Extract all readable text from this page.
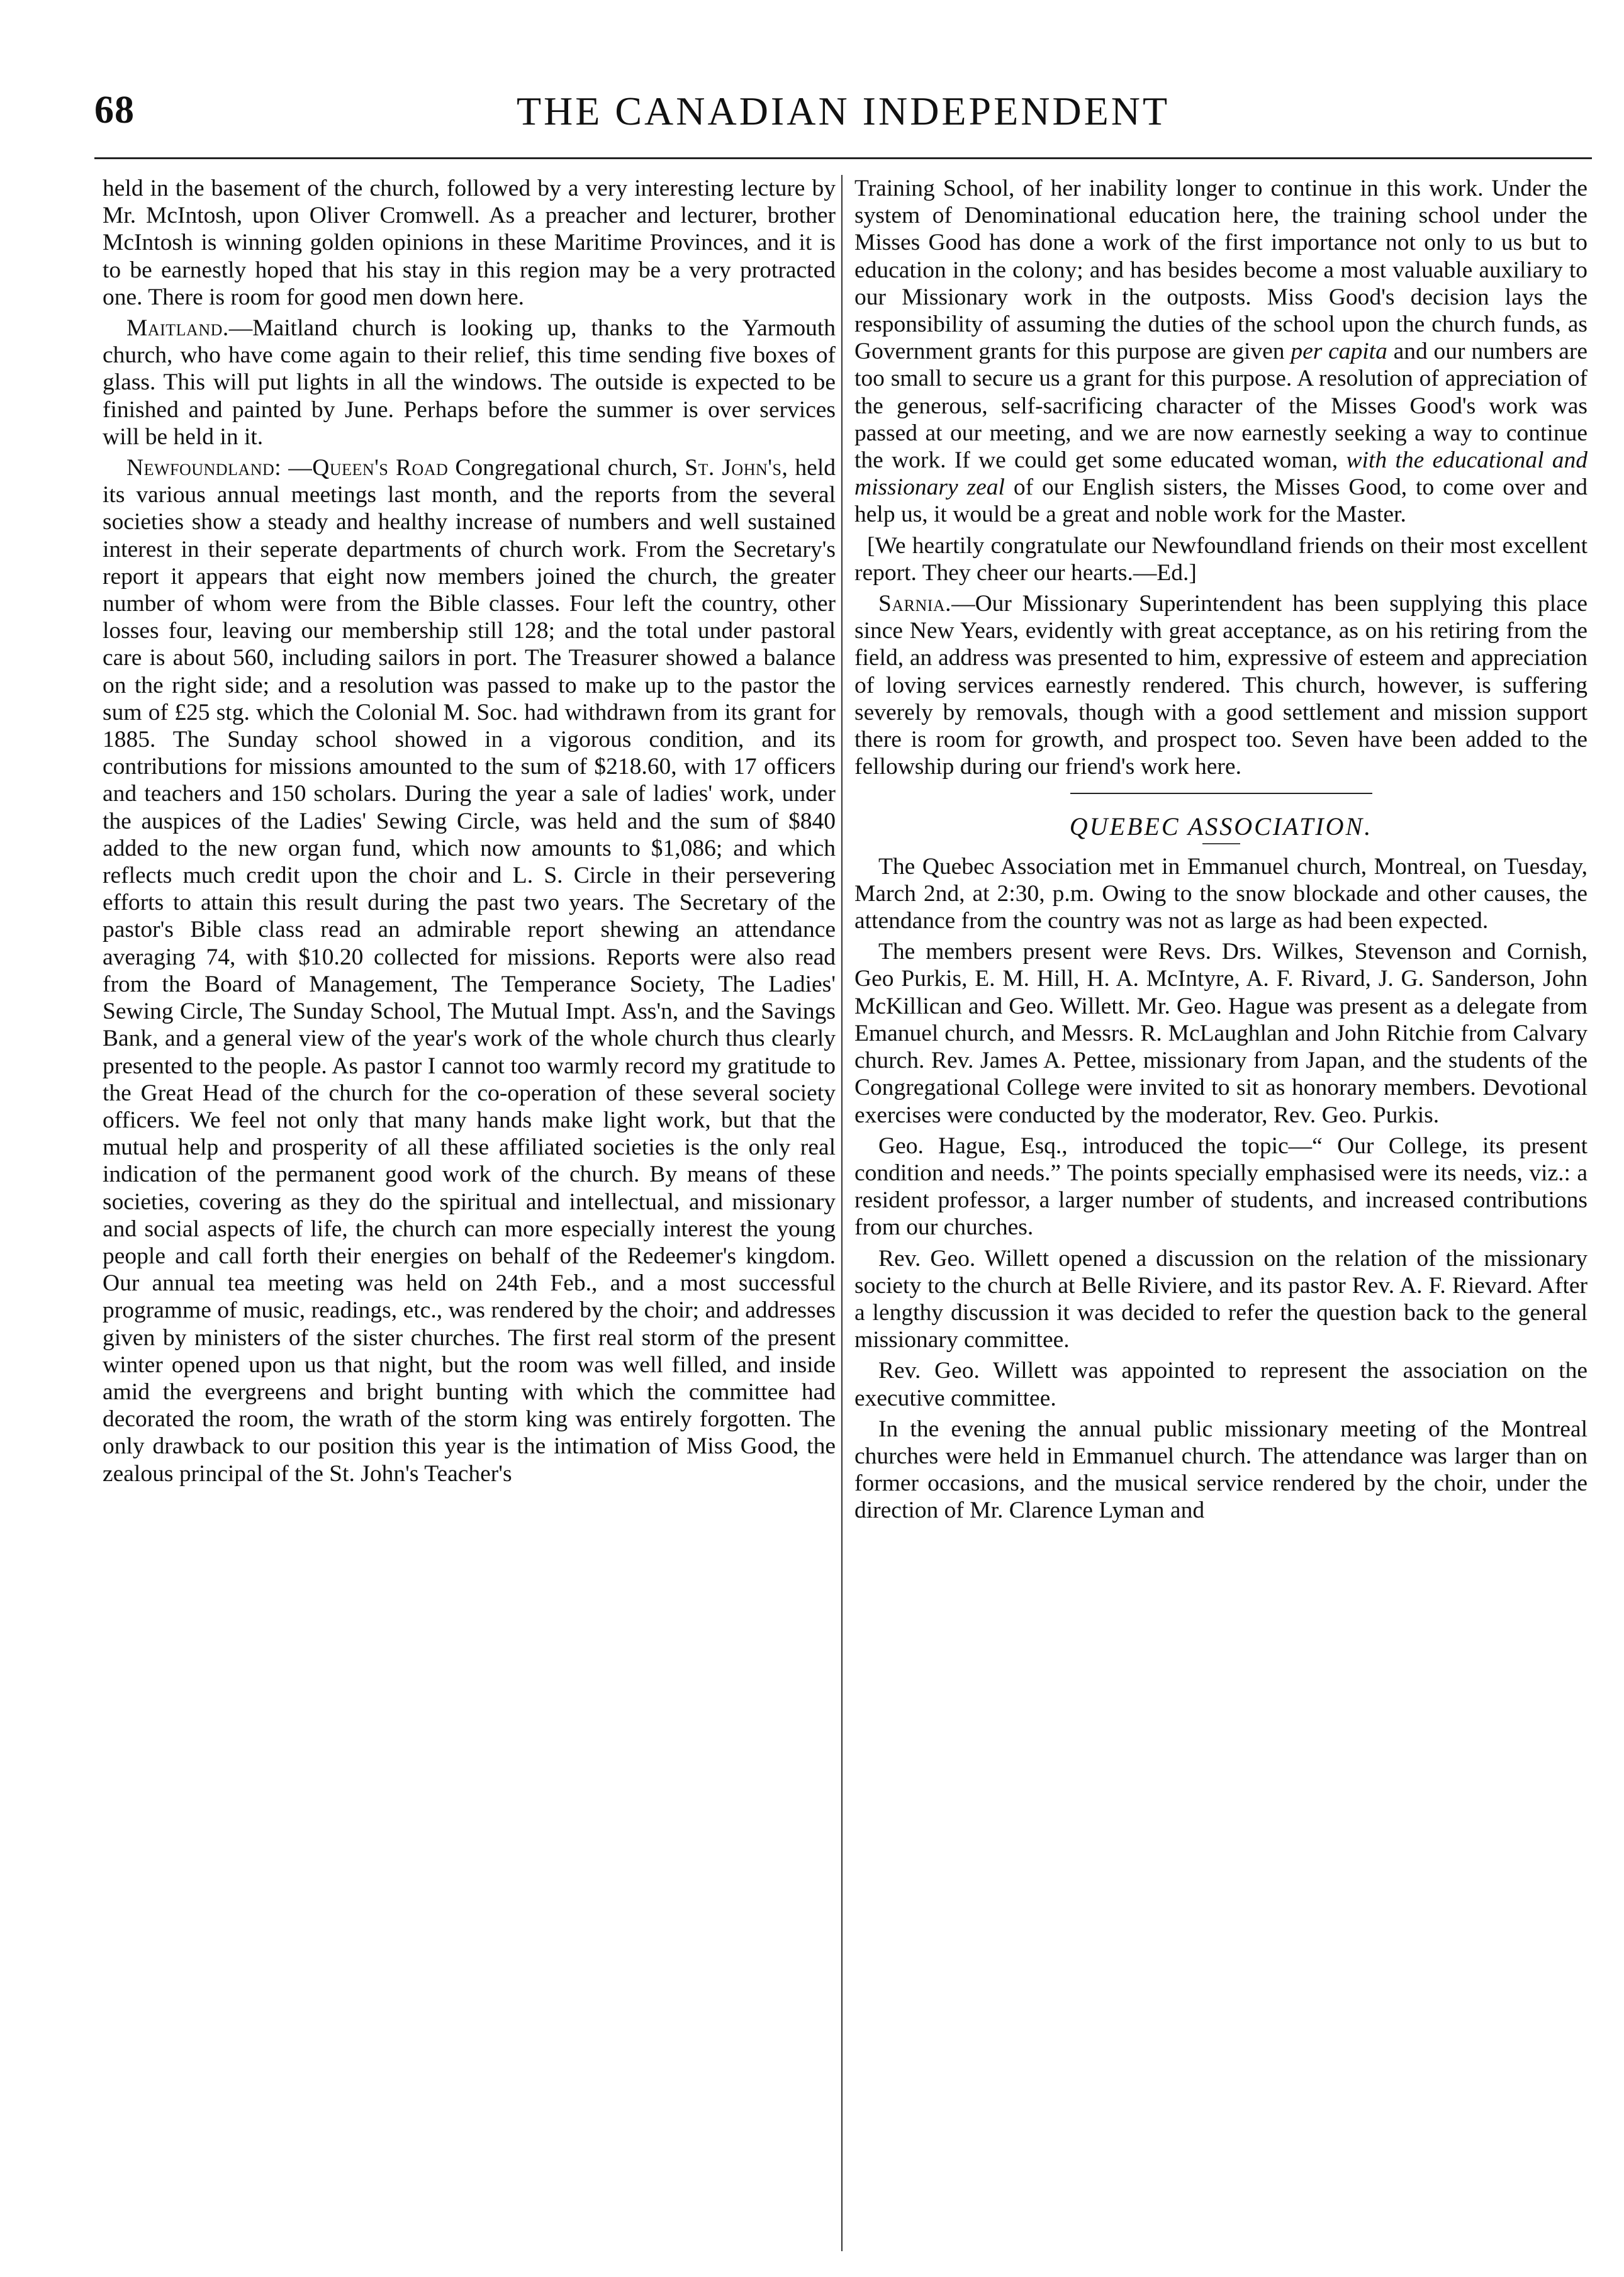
68	THE CANADIAN INDEPENDENT

held in the basement of the church, followed by a very interesting lecture by Mr. McIntosh, upon Oliver Cromwell. As a preacher and lecturer, brother McIntosh is winning golden opinions in these Maritime Provinces, and it is to be earnestly hoped that his stay in this region may be a very protracted one. There is room for good men down here.

Maitland.—Maitland church is looking up, thanks to the Yarmouth church, who have come again to their relief, this time sending five boxes of glass. This will put lights in all the windows. The outside is expected to be finished and painted by June. Perhaps before the summer is over services will be held in it.

Newfoundland: —Queen's Road Congregational church, St. John's, held its various annual meetings last month, and the reports from the several societies show a steady and healthy increase of numbers and well sustained interest in their seperate departments of church work. From the Secretary's report it appears that eight now members joined the church, the greater number of whom were from the Bible classes. Four left the country, other losses four, leaving our membership still 128; and the total under pastoral care is about 560, including sailors in port. The Treasurer showed a balance on the right side; and a resolution was passed to make up to the pastor the sum of £25 stg. which the Colonial M. Soc. had withdrawn from its grant for 1885. The Sunday school showed in a vigorous condition, and its contributions for missions amounted to the sum of $218.60, with 17 officers and teachers and 150 scholars. During the year a sale of ladies' work, under the auspices of the Ladies' Sewing Circle, was held and the sum of $840 added to the new organ fund, which now amounts to $1,086; and which reflects much credit upon the choir and L. S. Circle in their persevering efforts to attain this result during the past two years. The Secretary of the pastor's Bible class read an admirable report shewing an attendance averaging 74, with $10.20 collected for missions. Reports were also read from the Board of Management, The Temperance Society, The Ladies' Sewing Circle, The Sunday School, The Mutual Impt. Ass'n, and the Savings Bank, and a general view of the year's work of the whole church thus clearly presented to the people. As pastor I cannot too warmly record my gratitude to the Great Head of the church for the co-operation of these several society officers. We feel not only that many hands make light work, but that the mutual help and prosperity of all these affiliated societies is the only real indication of the permanent good work of the church. By means of these societies, covering as they do the spiritual and intellectual, and missionary and social aspects of life, the church can more especially interest the young people and call forth their energies on behalf of the Redeemer's kingdom. Our annual tea meeting was held on 24th Feb., and a most successful programme of music, readings, etc., was rendered by the choir; and addresses given by ministers of the sister churches. The first real storm of the present winter opened upon us that night, but the room was well filled, and inside amid the evergreens and bright bunting with which the committee had decorated the room, the wrath of the storm king was entirely forgotten. The only drawback to our position this year is the intimation of Miss Good, the zealous principal of the St. John's Teacher's

Training School, of her inability longer to continue in this work. Under the system of Denominational education here, the training school under the Misses Good has done a work of the first importance not only to us but to education in the colony; and has besides become a most valuable auxiliary to our Missionary work in the outposts. Miss Good's decision lays the responsibility of assuming the duties of the school upon the church funds, as Government grants for this purpose are given per capita and our numbers are too small to secure us a grant for this purpose. A resolution of appreciation of the generous, self-sacrificing character of the Misses Good's work was passed at our meeting, and we are now earnestly seeking a way to continue the work. If we could get some educated woman, with the educational and missionary zeal of our English sisters, the Misses Good, to come over and help us, it would be a great and noble work for the Master.

[We heartily congratulate our Newfoundland friends on their most excellent report. They cheer our hearts.—Ed.]

Sarnia.—Our Missionary Superintendent has been supplying this place since New Years, evidently with great acceptance, as on his retiring from the field, an address was presented to him, expressive of esteem and appreciation of loving services earnestly rendered. This church, however, is suffering severely by removals, though with a good settlement and mission support there is room for growth, and prospect too. Seven have been added to the fellowship during our friend's work here.

QUEBEC ASSOCIATION.

The Quebec Association met in Emmanuel church, Montreal, on Tuesday, March 2nd, at 2:30, p.m. Owing to the snow blockade and other causes, the attendance from the country was not as large as had been expected.

The members present were Revs. Drs. Wilkes, Stevenson and Cornish, Geo Purkis, E. M. Hill, H. A. McIntyre, A. F. Rivard, J. G. Sanderson, John McKillican and Geo. Willett. Mr. Geo. Hague was present as a delegate from Emanuel church, and Messrs. R. McLaughlan and John Ritchie from Calvary church. Rev. James A. Pettee, missionary from Japan, and the students of the Congregational College were invited to sit as honorary members. Devotional exercises were conducted by the moderator, Rev. Geo. Purkis.

Geo. Hague, Esq., introduced the topic—“ Our College, its present condition and needs.” The points specially emphasised were its needs, viz.: a resident professor, a larger number of students, and increased contributions from our churches.

Rev. Geo. Willett opened a discussion on the relation of the missionary society to the church at Belle Riviere, and its pastor Rev. A. F. Rievard. After a lengthy discussion it was decided to refer the question back to the general missionary committee.

Rev. Geo. Willett was appointed to represent the association on the executive committee.

In the evening the annual public missionary meeting of the Montreal churches were held in Emmanuel church. The attendance was larger than on former occasions, and the musical service rendered by the choir, under the direction of Mr. Clarence Lyman and
